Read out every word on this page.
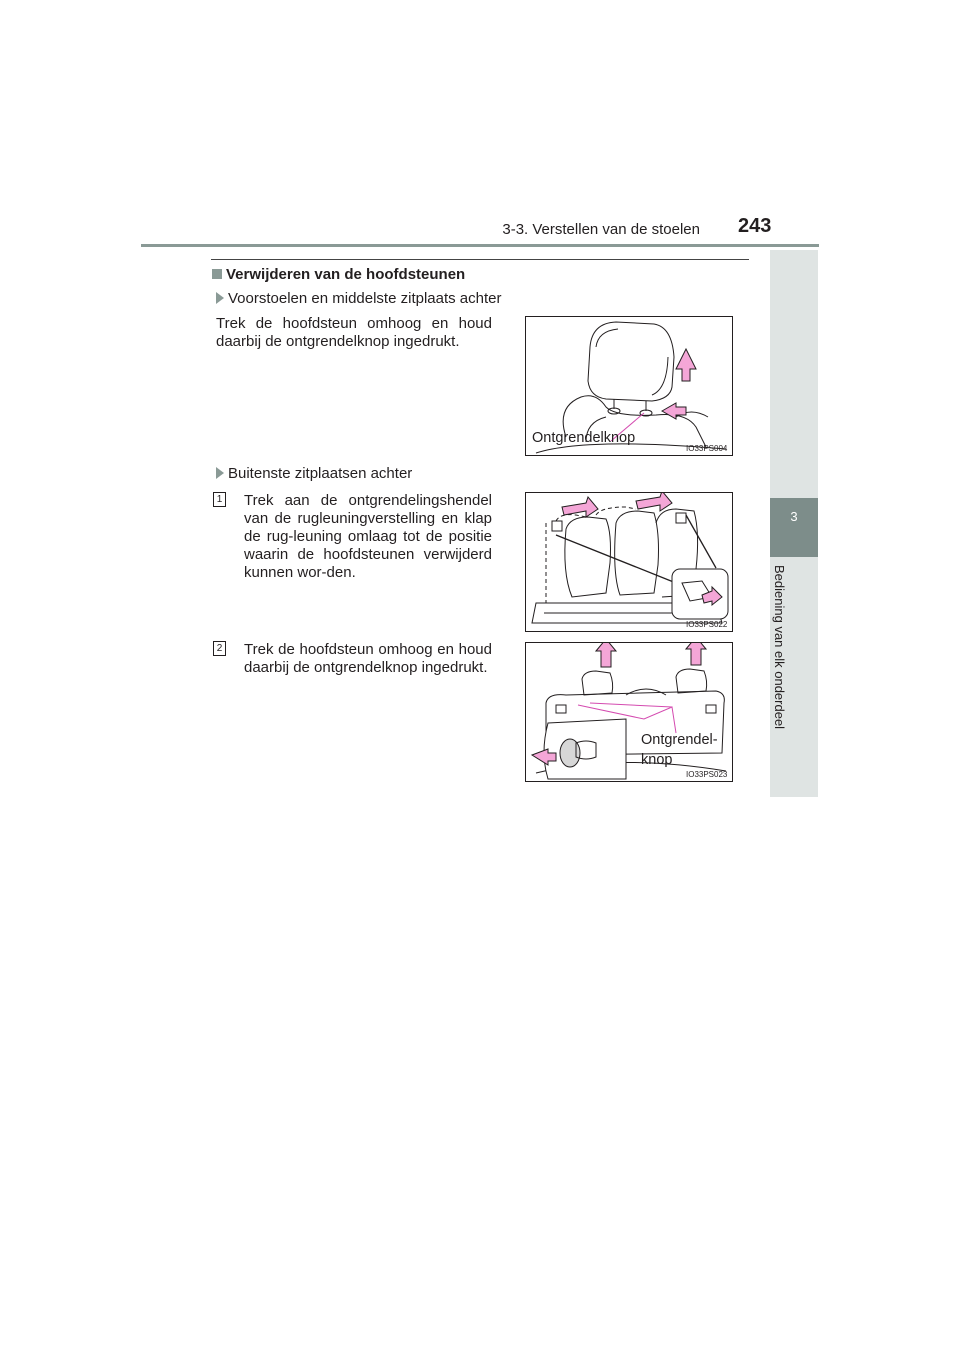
3-3. Verstellen van de stoelen 243
3
Bediening van elk onderdeel
Verwijderen van de hoofdsteunen
Voorstoelen en middelste zitplaats achter
Trek de hoofdsteun omhoog en houd daarbij de ontgrendelknop ingedrukt.
Ontgrendelknop
IO33PS004
Buitenste zitplaatsen achter
1 Trek aan de ontgrendelingshendel van de rugleuningverstelling en klap de rug-leuning omlaag tot de positie waarin de hoofdsteunen verwijderd kunnen wor-den.
IO33PS022
2 Trek de hoofdsteun omhoog en houd daarbij de ontgrendelknop ingedrukt.
Ontgrendel-
knop
IO33PS023
carmanualsonline.info
